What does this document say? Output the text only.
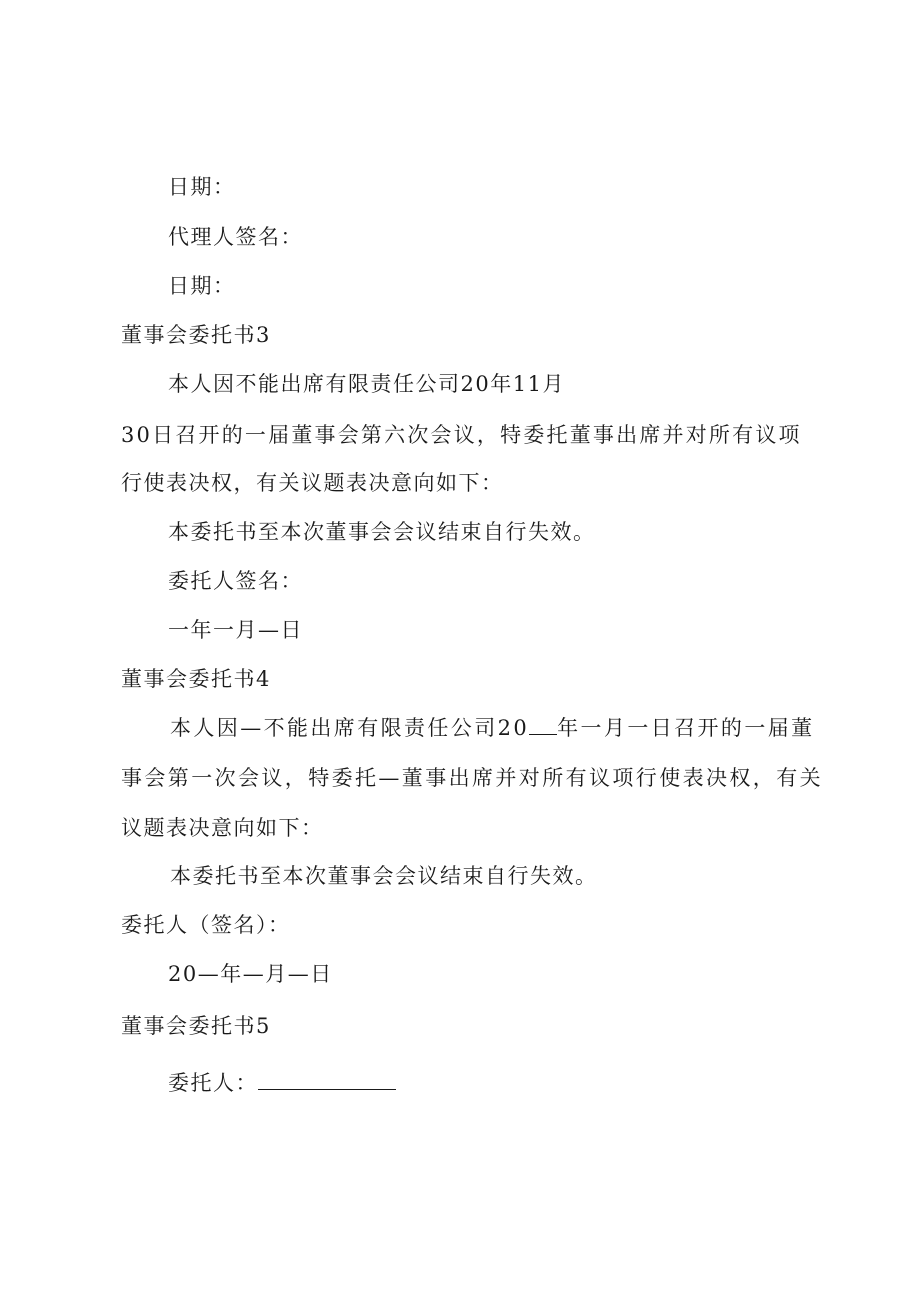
日期：
代理人签名：
日期：
董事会委托书3
本人因不能出席有限责任公司20年11月
30日召开的一届董事会第六次会议，特委托董事出席并对所有议项
行使表决权，有关议题表决意向如下：
本委托书至本次董事会会议结束自行失效。
委托人签名：
一年一月—日
董事会委托书4
本人因—不能出席有限责任公司20 年一月一日召开的一届董
事会第一次会议，特委托—董事出席并对所有议项行使表决权，有关
议题表决意向如下：
本委托书至本次董事会会议结束自行失效。
委托人（签名）：
20—年—月—日
董事会委托书5
委托人：
